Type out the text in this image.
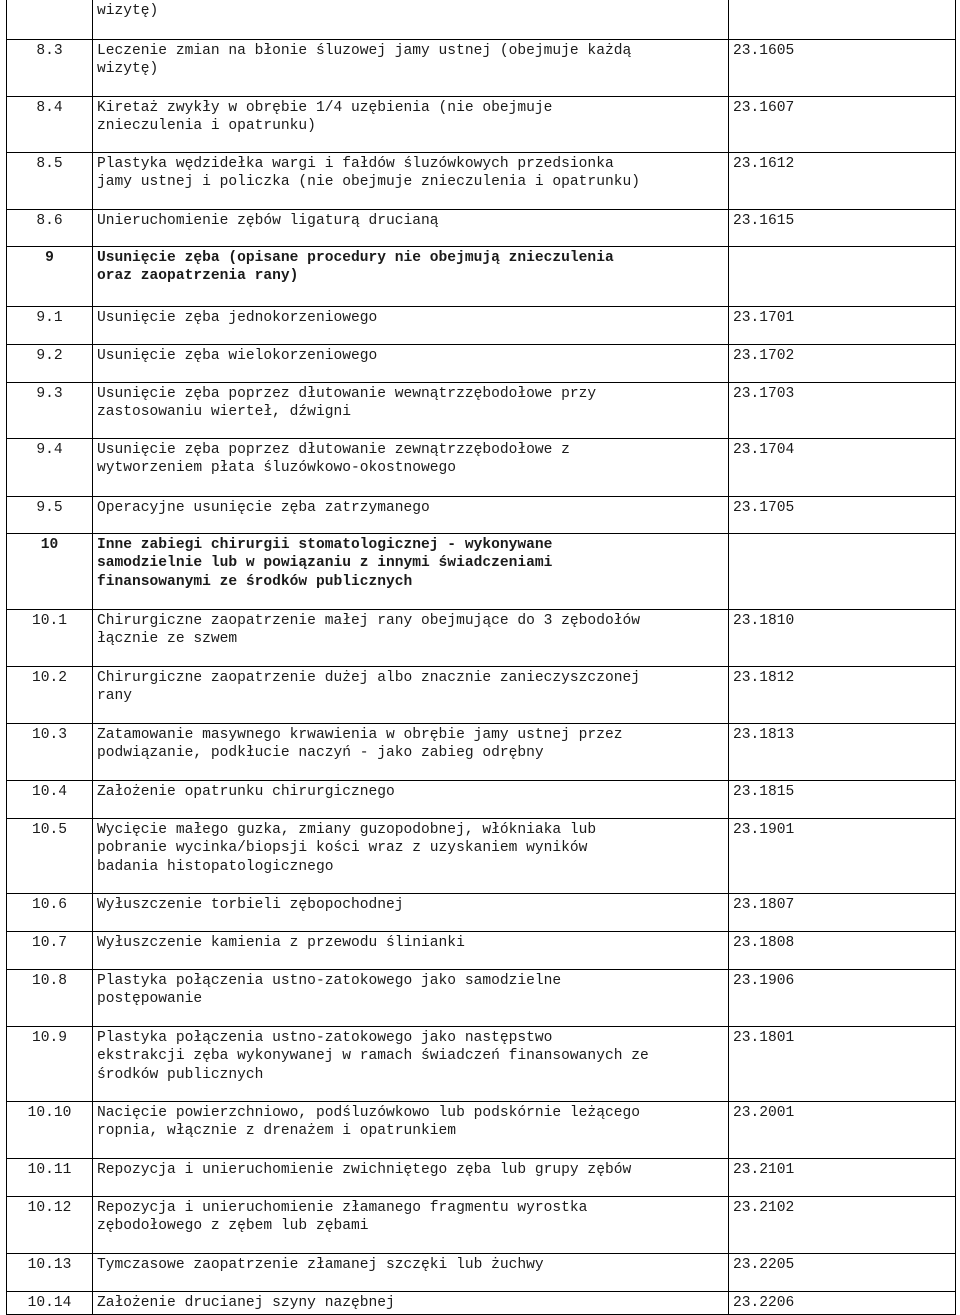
	wizytę)	
8.3	Leczenie zmian na błonie śluzowej jamy ustnej (obejmuje każdą
wizytę)	23.1605
8.4	Kiretaż zwykły w obrębie 1/4 uzębienia (nie obejmuje
znieczulenia i opatrunku)	23.1607
8.5	Plastyka wędzidełka wargi i fałdów śluzówkowych przedsionka
jamy ustnej i policzka (nie obejmuje znieczulenia i opatrunku)	23.1612
8.6	Unieruchomienie zębów ligaturą drucianą	23.1615
9	Usunięcie zęba (opisane procedury nie obejmują znieczulenia
oraz zaopatrzenia rany)	
9.1	Usunięcie zęba jednokorzeniowego	23.1701
9.2	Usunięcie zęba wielokorzeniowego	23.1702
9.3	Usunięcie zęba poprzez dłutowanie wewnątrzzębodołowe przy
zastosowaniu wierteł, dźwigni	23.1703
9.4	Usunięcie zęba poprzez dłutowanie zewnątrzzębodołowe z
wytworzeniem płata śluzówkowo-okostnowego	23.1704
9.5	Operacyjne usunięcie zęba zatrzymanego	23.1705
10	Inne zabiegi chirurgii stomatologicznej - wykonywane
samodzielnie lub w powiązaniu z innymi świadczeniami
finansowanymi ze środków publicznych	
10.1	Chirurgiczne zaopatrzenie małej rany obejmujące do 3 zębodołów
łącznie ze szwem	23.1810
10.2	Chirurgiczne zaopatrzenie dużej albo znacznie zanieczyszczonej
rany	23.1812
10.3	Zatamowanie masywnego krwawienia w obrębie jamy ustnej przez
podwiązanie, podkłucie naczyń - jako zabieg odrębny	23.1813
10.4	Założenie opatrunku chirurgicznego	23.1815
10.5	Wycięcie małego guzka, zmiany guzopodobnej, włókniaka lub
pobranie wycinka/biopsji kości wraz z uzyskaniem wyników
badania histopatologicznego	23.1901
10.6	Wyłuszczenie torbieli zębopochodnej	23.1807
10.7	Wyłuszczenie kamienia z przewodu ślinianki	23.1808
10.8	Plastyka połączenia ustno-zatokowego jako samodzielne
postępowanie	23.1906
10.9	Plastyka połączenia ustno-zatokowego jako następstwo
ekstrakcji zęba wykonywanej w ramach świadczeń finansowanych ze
środków publicznych	23.1801
10.10	Nacięcie powierzchniowo, podśluzówkowo lub podskórnie leżącego
ropnia, włącznie z drenażem i opatrunkiem	23.2001
10.11	Repozycja i unieruchomienie zwichniętego zęba lub grupy zębów	23.2101
10.12	Repozycja i unieruchomienie złamanego fragmentu wyrostka
zębodołowego z zębem lub zębami	23.2102
10.13	Tymczasowe zaopatrzenie złamanej szczęki lub żuchwy	23.2205
10.14	Założenie drucianej szyny nazębnej	23.2206
